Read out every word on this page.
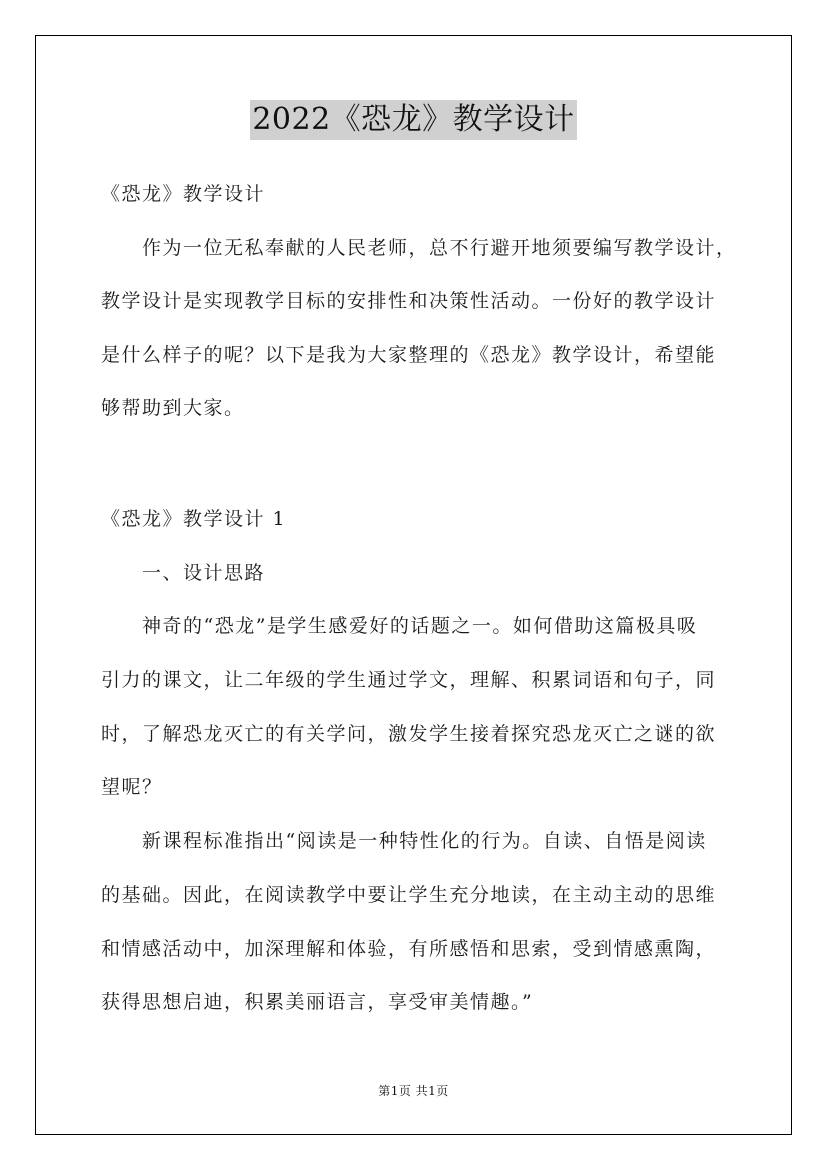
2022《恐龙》教学设计
《恐龙》教学设计
　　作为一位无私奉献的人民老师，总不行避开地须要编写教学设计，
教学设计是实现教学目标的安排性和决策性活动。一份好的教学设计
是什么样子的呢？以下是我为大家整理的《恐龙》教学设计，希望能
够帮助到大家。
《恐龙》教学设计 1
　　一、设计思路
　　神奇的“恐龙”是学生感爱好的话题之一。如何借助这篇极具吸
引力的课文，让二年级的学生通过学文，理解、积累词语和句子，同
时，了解恐龙灭亡的有关学问，激发学生接着探究恐龙灭亡之谜的欲
望呢？
　　新课程标准指出“阅读是一种特性化的行为。自读、自悟是阅读
的基础。因此，在阅读教学中要让学生充分地读，在主动主动的思维
和情感活动中，加深理解和体验，有所感悟和思索，受到情感熏陶，
获得思想启迪，积累美丽语言，享受审美情趣。”
第1页 共1页
